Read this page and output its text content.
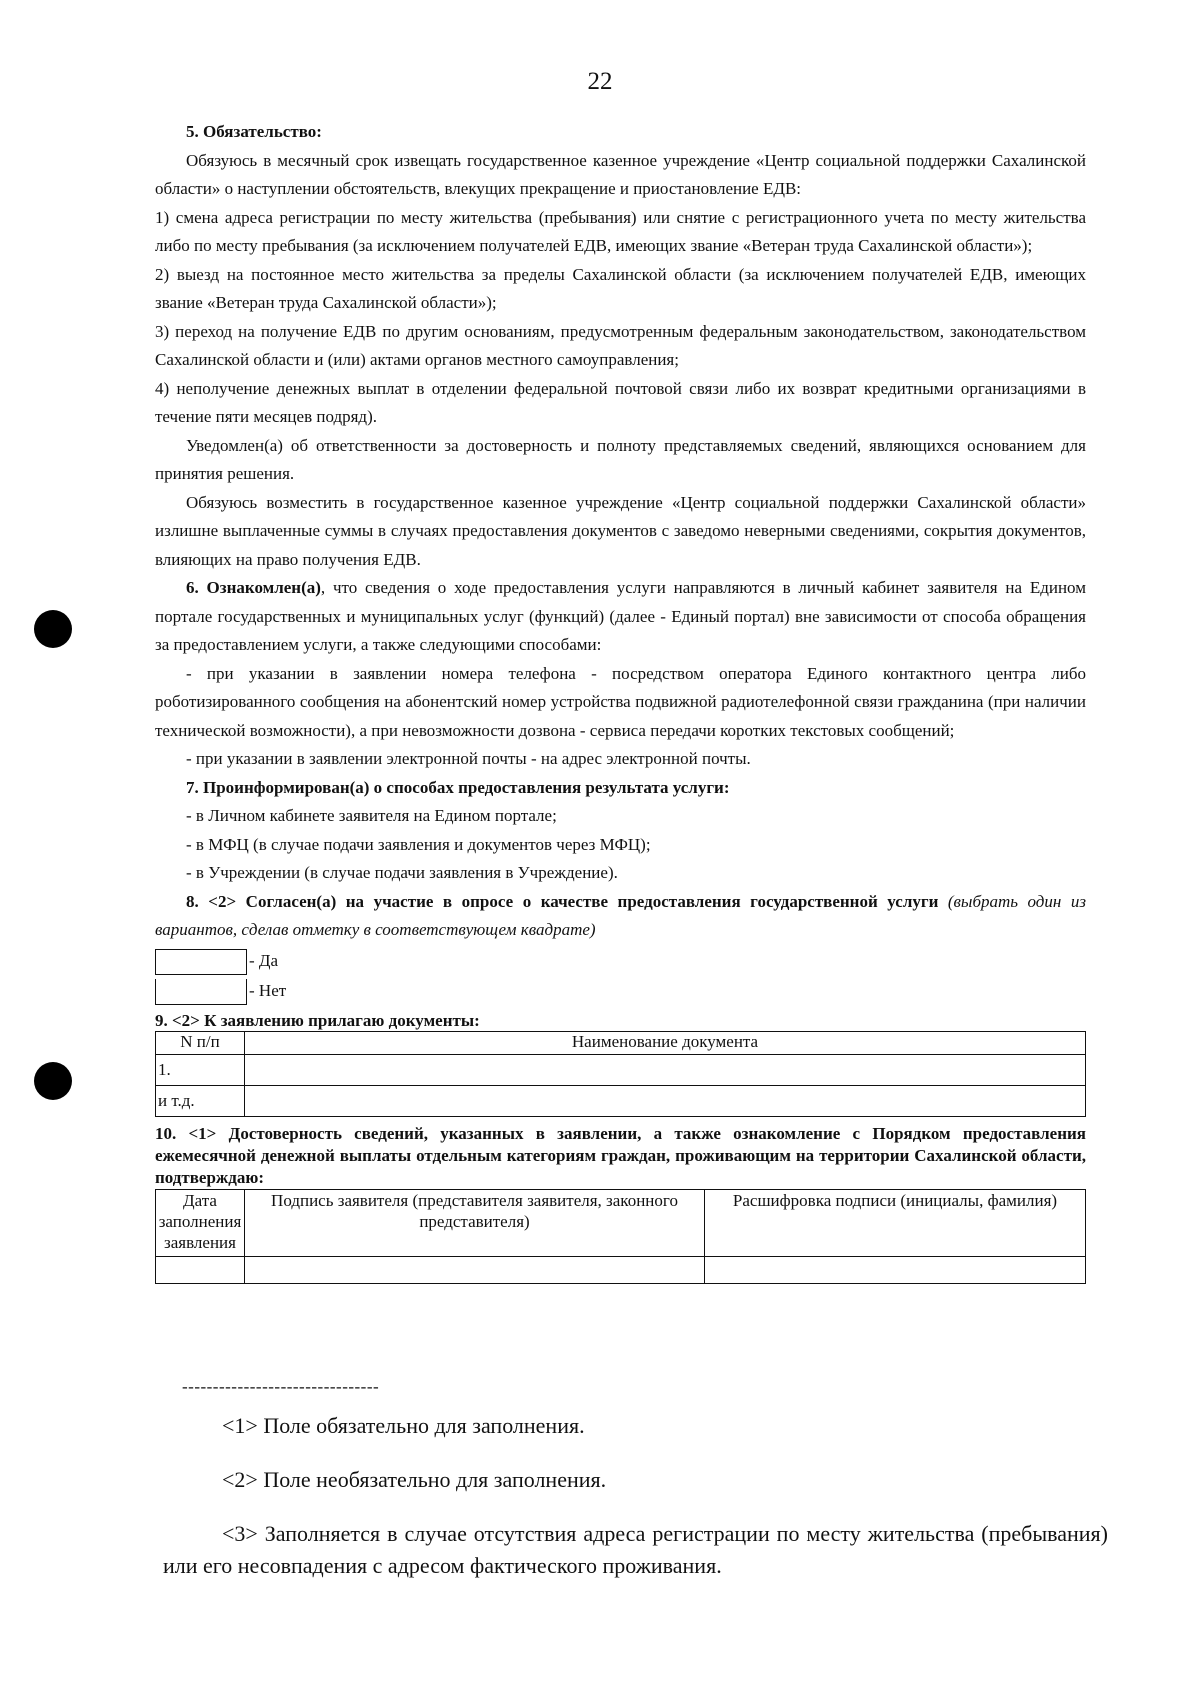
22

5. Обязательство:

Обязуюсь в месячный срок извещать государственное казенное учреждение «Центр социальной поддержки Сахалинской области» о наступлении обстоятельств, влекущих прекращение и приостановление ЕДВ:

1) смена адреса регистрации по месту жительства (пребывания) или снятие с регистрационного учета по месту жительства либо по месту пребывания (за исключением получателей ЕДВ, имеющих звание «Ветеран труда Сахалинской области»);

2) выезд на постоянное место жительства за пределы Сахалинской области (за исключением получателей ЕДВ, имеющих звание «Ветеран труда Сахалинской области»);

3) переход на получение ЕДВ по другим основаниям, предусмотренным федеральным законодательством, законодательством Сахалинской области и (или) актами органов местного самоуправления;

4) неполучение денежных выплат в отделении федеральной почтовой связи либо их возврат кредитными организациями в течение пяти месяцев подряд).

Уведомлен(а) об ответственности за достоверность и полноту представляемых сведений, являющихся основанием для принятия решения.

Обязуюсь возместить в государственное казенное учреждение «Центр социальной поддержки Сахалинской области» излишне выплаченные суммы в случаях предоставления документов с заведомо неверными сведениями, сокрытия документов, влияющих на право получения ЕДВ.

6. Ознакомлен(а), что сведения о ходе предоставления услуги направляются в личный кабинет заявителя на Едином портале государственных и муниципальных услуг (функций) (далее - Единый портал) вне зависимости от способа обращения за предоставлением услуги, а также следующими способами:

- при указании в заявлении номера телефона - посредством оператора Единого контактного центра либо роботизированного сообщения на абонентский номер устройства подвижной радиотелефонной связи гражданина (при наличии технической возможности), а при невозможности дозвона - сервиса передачи коротких текстовых сообщений;

- при указании в заявлении электронной почты - на адрес электронной почты.

7. Проинформирован(а) о способах предоставления результата услуги:

- в Личном кабинете заявителя на Едином портале;

- в МФЦ (в случае подачи заявления и документов через МФЦ);

- в Учреждении (в случае подачи заявления в Учреждение).

8. <2> Согласен(а) на участие в опросе о качестве предоставления государственной услуги (выбрать один из вариантов, сделав отметку в соответствующем квадрате)

- Да
- Нет
9. <2> К заявлению прилагаю документы:
N п/п	Наименование документа
1.	
и т.д.	
10. <1> Достоверность сведений, указанных в заявлении, а также ознакомление с Порядком предоставления ежемесячной денежной выплаты отдельным категориям граждан, проживающим на территории Сахалинской области, подтверждаю:
Дата заполнения заявления	Подпись заявителя (представителя заявителя, законного представителя)	Расшифровка подписи (инициалы, фамилия)

--------------------------------

<1> Поле обязательно для заполнения.

<2> Поле необязательно для заполнения.

<3> Заполняется в случае отсутствия адреса регистрации по месту жительства (пребывания) или его несовпадения с адресом фактического проживания.
